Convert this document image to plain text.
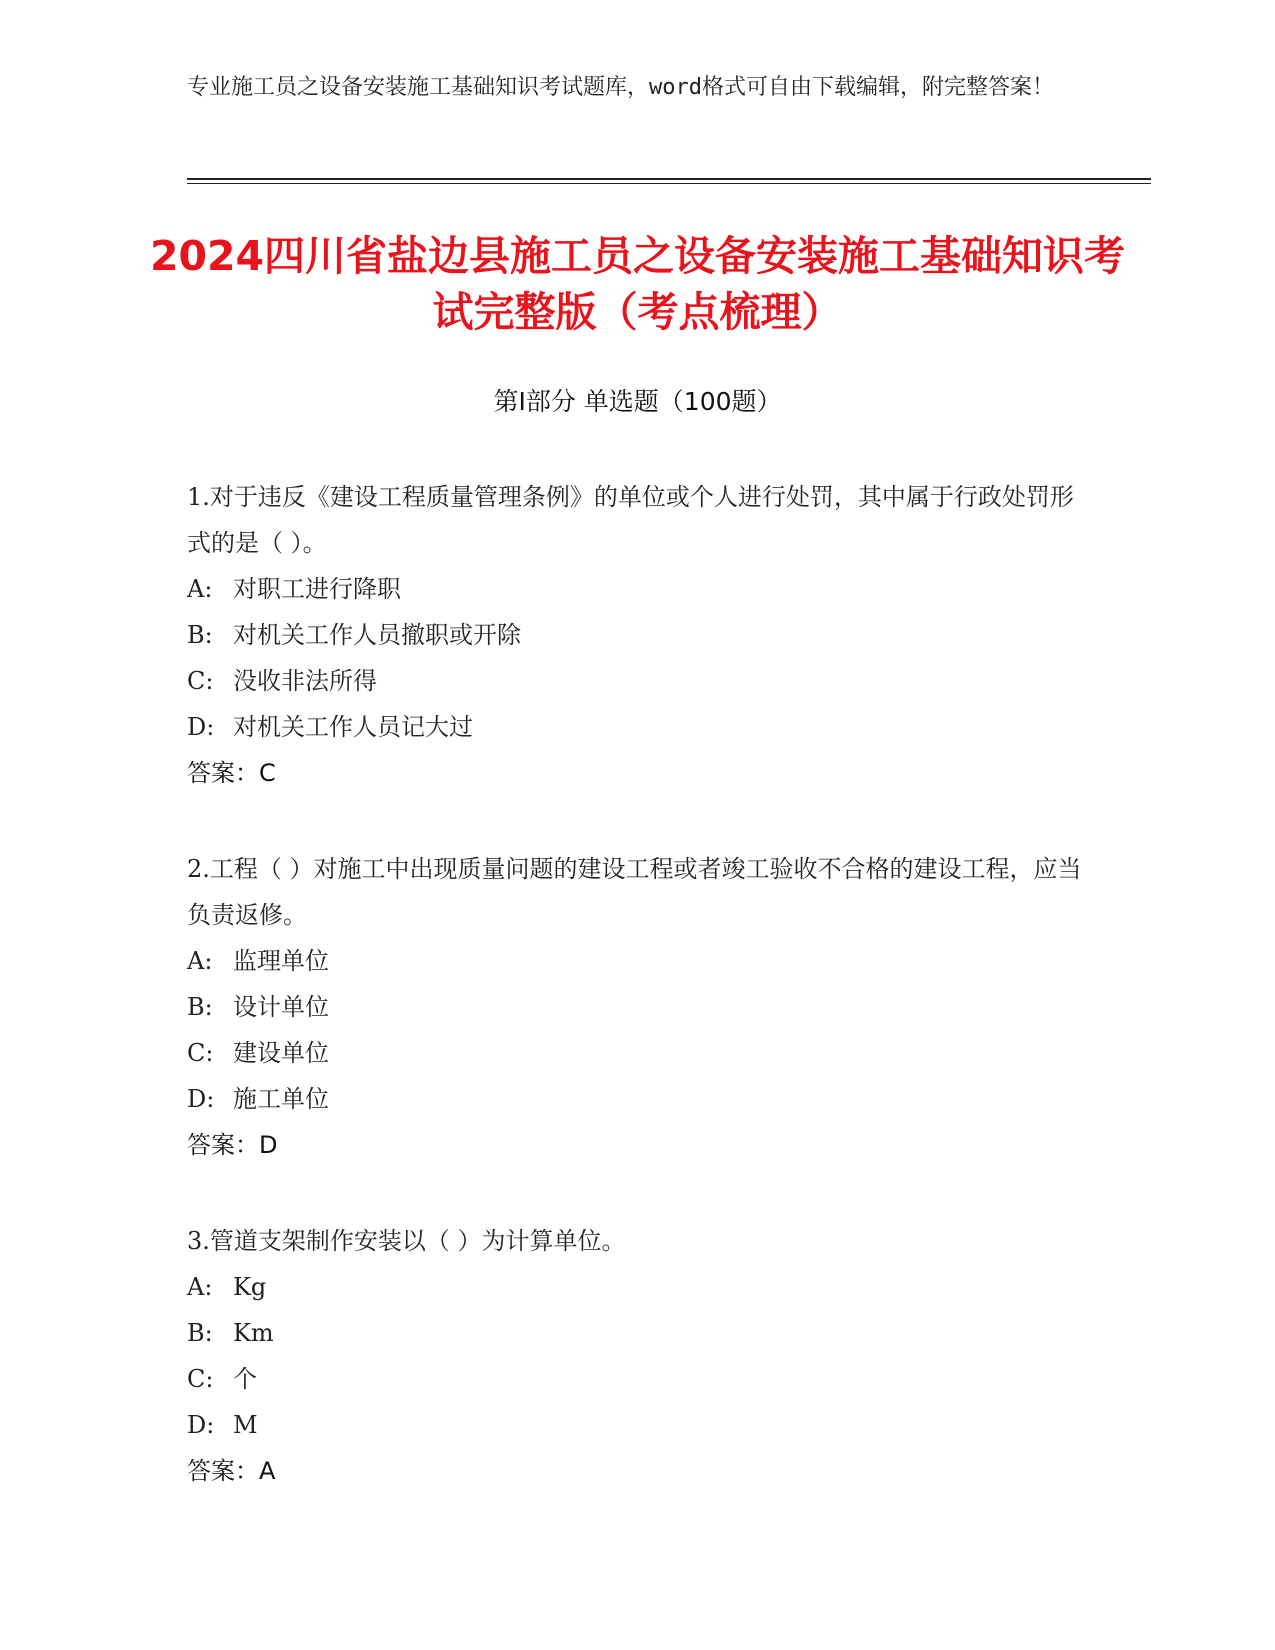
专业施工员之设备安装施工基础知识考试题库，word格式可自由下载编辑，附完整答案！
2024四川省盐边县施工员之设备安装施工基础知识考试完整版（考点梳理）
第I部分 单选题（100题）
1.对于违反《建设工程质量管理条例》的单位或个人进行处罚，其中属于行政处罚形式的是（ ）。
A: 对职工进行降职
B: 对机关工作人员撤职或开除
C: 没收非法所得
D: 对机关工作人员记大过
答案：C
2.工程（ ）对施工中出现质量问题的建设工程或者竣工验收不合格的建设工程，应当负责返修。
A: 监理单位
B: 设计单位
C: 建设单位
D: 施工单位
答案：D
3.管道支架制作安装以（ ）为计算单位。
A: Kg
B: Km
C: 个
D: M
答案：A
